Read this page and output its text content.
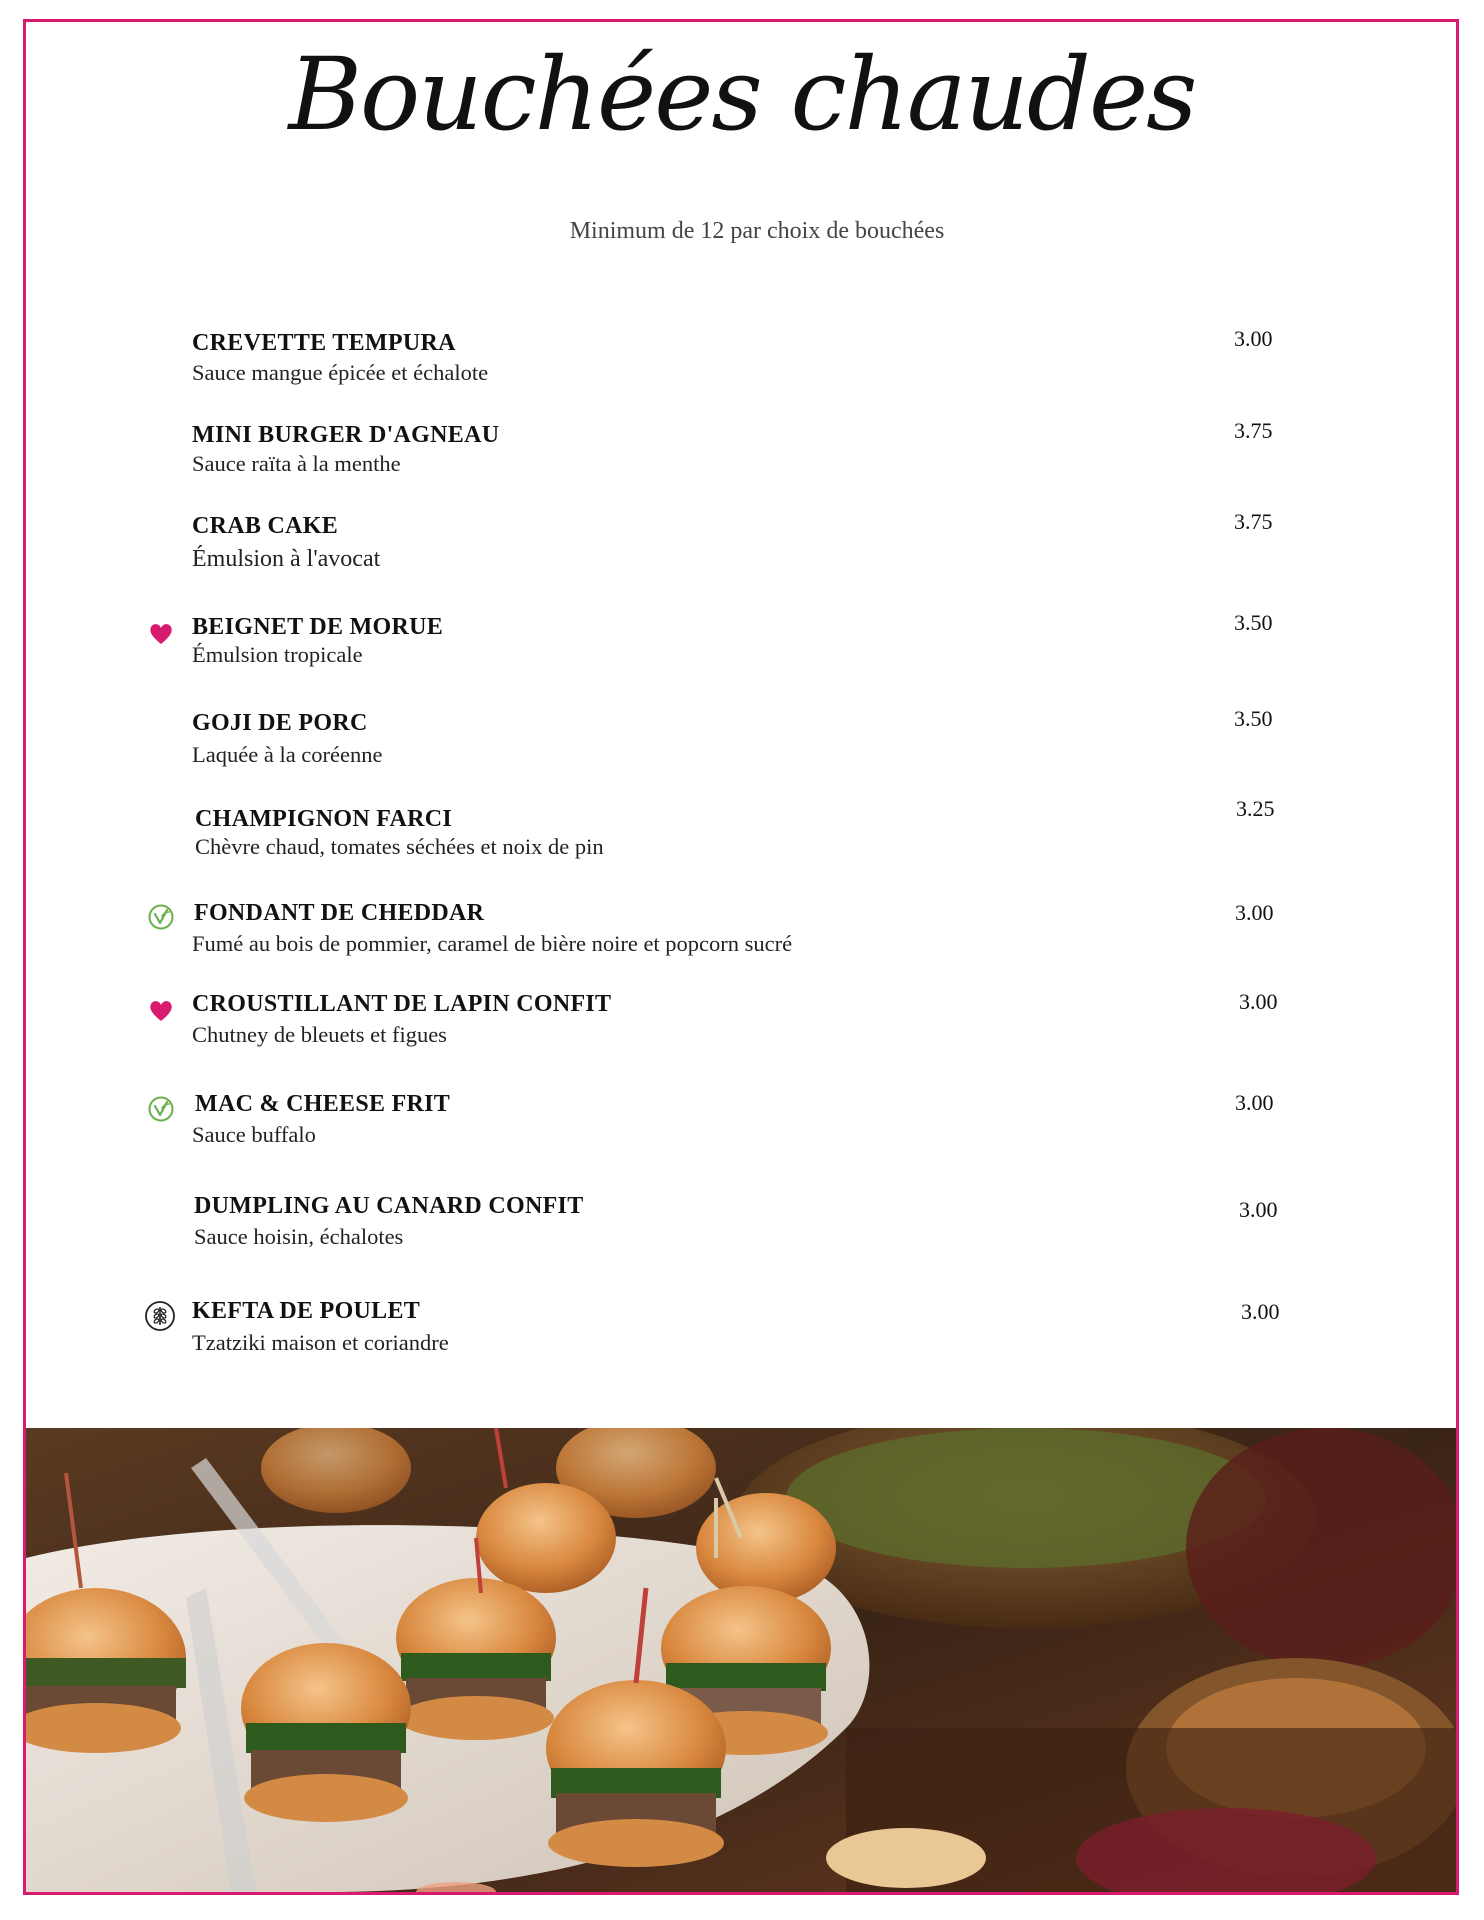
Bouchées chaudes
Minimum de 12 par choix de bouchées
CREVETTE TEMPURA
Sauce mangue épicée et échalote
3.00
MINI BURGER D'AGNEAU
Sauce raïta à la menthe
3.75
CRAB CAKE
Émulsion à l'avocat
3.75
BEIGNET DE MORUE
Émulsion tropicale
3.50
GOJI DE PORC
Laquée à la coréenne
3.50
CHAMPIGNON FARCI
Chèvre chaud, tomates séchées et noix de pin
3.25
FONDANT DE CHEDDAR
Fumé au bois de pommier, caramel de bière noire et popcorn sucré
3.00
CROUSTILLANT DE LAPIN CONFIT
Chutney de bleuets et figues
3.00
MAC & CHEESE FRIT
Sauce buffalo
3.00
DUMPLING AU CANARD CONFIT
Sauce hoisin, échalotes
3.00
KEFTA DE POULET
Tzatziki maison et coriandre
3.00
